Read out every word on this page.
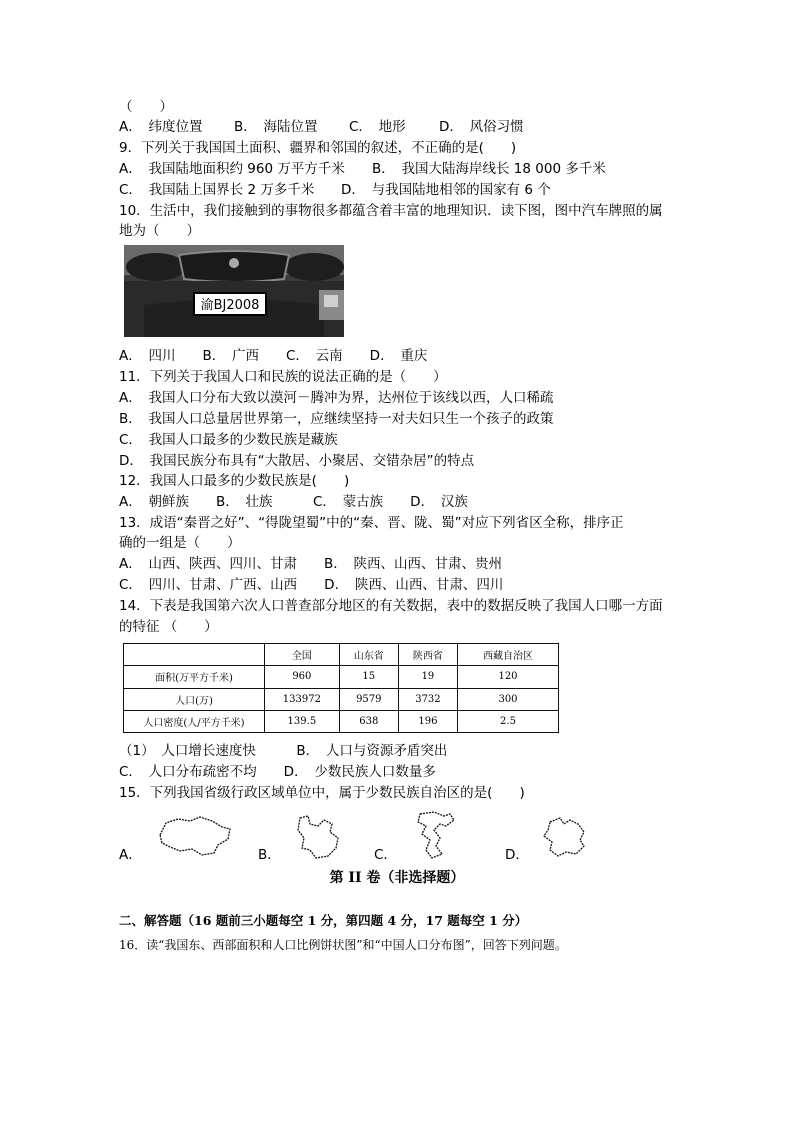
（　　）
A．　纬度位置 B．　海陆位置 C．　地形 D．　风俗习惯
9．下列关于我国国土面积、疆界和邻国的叙述，不正确的是(　　)
A．　我国陆地面积约 960 万平方千米 B．　我国大陆海岸线长 18 000 多千米
C．　我国陆上国界长 2 万多千米 D．　与我国陆地相邻的国家有 6 个
10．生活中，我们接触到的事物很多都蕴含着丰富的地理知识．读下图，图中汽车牌照的属
地为（　　）
渝BJ2008
A．　四川　　B．　广西　　C．　云南　　D．　重庆
11．下列关于我国人口和民族的说法正确的是（　　）
A．　我国人口分布大致以漠河－腾冲为界，达州位于该线以西，人口稀疏
B．　我国人口总量居世界第一，应继续坚持一对夫妇只生一个孩子的政策
C．　我国人口最多的少数民族是藏族
D．　我国民族分布具有“大散居、小聚居、交错杂居”的特点
12．我国人口最多的少数民族是(　　)
A．　朝鲜族　　B．　壮族　　　C．　蒙古族　　D．　汉族
13．成语“秦晋之好”、“得陇望蜀”中的“秦、晋、陇、蜀”对应下列省区全称，排序正
确的一组是（　　）
A．　山西、陕西、四川、甘肃　　B．　陕西、山西、甘肃、贵州
C．　四川、甘肃、广西、山西　　D．　陕西、山西、甘肃、四川
14．下表是我国第六次人口普查部分地区的有关数据，表中的数据反映了我国人口哪一方面
的特征 （　　）
	全国	山东省	陕西省	西藏自治区
面积(万平方千米)	960	15	19	120
人口(万)	133972	9579	3732	300
人口密度(人/平方千米)	139.5	638	196	2.5
（1）　人口增长速度快　　　B．　人口与资源矛盾突出
C．　人口分布疏密不均　　D．　少数民族人口数量多
15．下列我国省级行政区域单位中，属于少数民族自治区的是(　　)
A．	B．	C．	D．
第 II 卷（非选择题）
二、解答题（16 题前三小题每空 1 分，第四题 4 分，17 题每空 1 分）
16．读“我国东、西部面积和人口比例饼状图”和“中国人口分布图”，回答下列问题。
